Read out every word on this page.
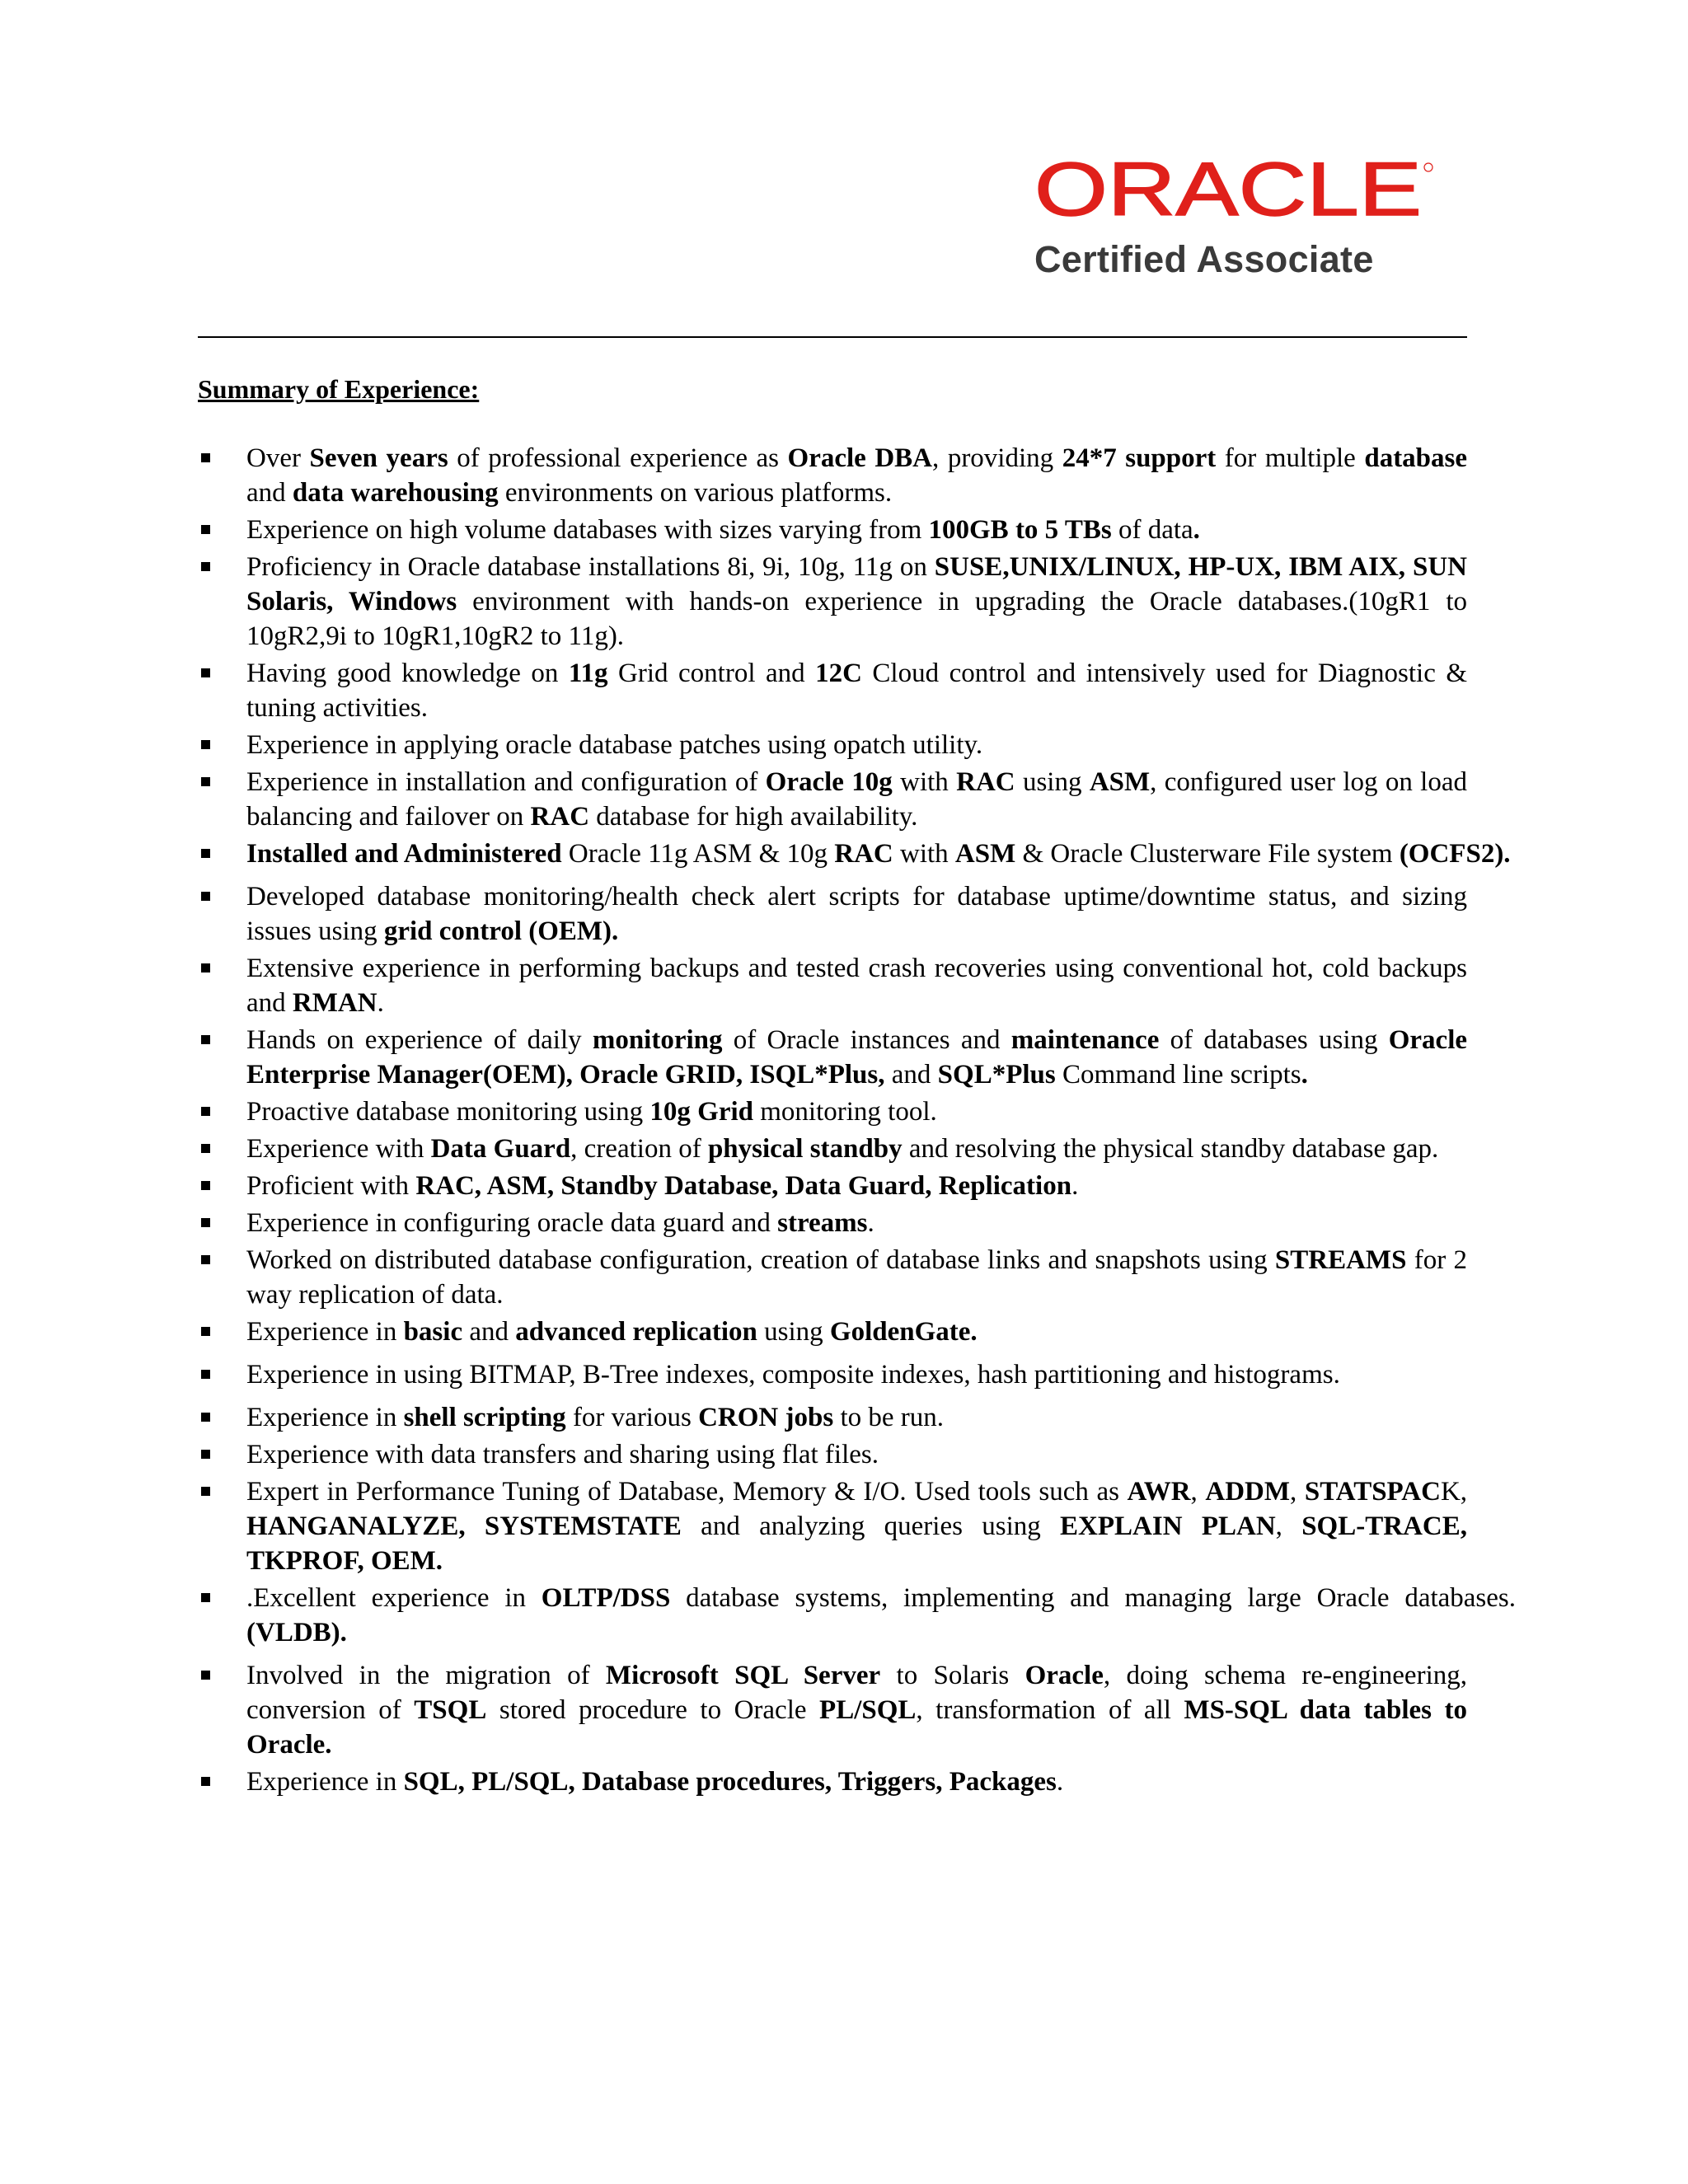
ORACLE
Certified Associate
Summary of Experience:
Over Seven years of professional experience as Oracle DBA, providing 24*7 support for multiple database and data warehousing environments on various platforms.
Experience on high volume databases with sizes varying from 100GB to 5 TBs of data.
Proficiency in Oracle database installations 8i, 9i, 10g, 11g on SUSE,UNIX/LINUX, HP-UX, IBM AIX, SUN Solaris, Windows environment with hands-on experience in upgrading the Oracle databases.(10gR1 to 10gR2,9i to 10gR1,10gR2 to 11g).
Having good knowledge on 11g Grid control and 12C Cloud control and intensively used for Diagnostic & tuning activities.
Experience in applying oracle database patches using opatch utility.
Experience in installation and configuration of Oracle 10g with RAC using ASM, configured user log on load balancing and failover on RAC database for high availability.
Installed and Administered Oracle 11g ASM & 10g RAC with ASM & Oracle Clusterware File system (OCFS2).
Developed database monitoring/health check alert scripts for database uptime/downtime status, and sizing issues using grid control (OEM).
Extensive experience in performing backups and tested crash recoveries using conventional hot, cold backups and RMAN.
Hands on experience of daily monitoring of Oracle instances and maintenance of databases using Oracle Enterprise Manager(OEM), Oracle GRID, ISQL*Plus, and SQL*Plus Command line scripts.
Proactive database monitoring using 10g Grid monitoring tool.
Experience with Data Guard, creation of physical standby and resolving the physical standby database gap.
Proficient with RAC, ASM, Standby Database, Data Guard, Replication.
Experience in configuring oracle data guard and streams.
Worked on distributed database configuration, creation of database links and snapshots using STREAMS for 2 way replication of data.
Experience in basic and advanced replication using GoldenGate.
Experience in using BITMAP, B-Tree indexes, composite indexes, hash partitioning and histograms.
Experience in shell scripting for various CRON jobs to be run.
Experience with data transfers and sharing using flat files.
Expert in Performance Tuning of Database, Memory & I/O. Used tools such as AWR, ADDM, STATSPACK, HANGANALYZE, SYSTEMSTATE and analyzing queries using EXPLAIN PLAN, SQL-TRACE, TKPROF, OEM.
.Excellent experience in OLTP/DSS database systems, implementing and managing large Oracle databases. (VLDB).
Involved in the migration of Microsoft SQL Server to Solaris Oracle, doing schema re-engineering, conversion of TSQL stored procedure to Oracle PL/SQL, transformation of all MS-SQL data tables to Oracle.
Experience in SQL, PL/SQL, Database procedures, Triggers, Packages.
